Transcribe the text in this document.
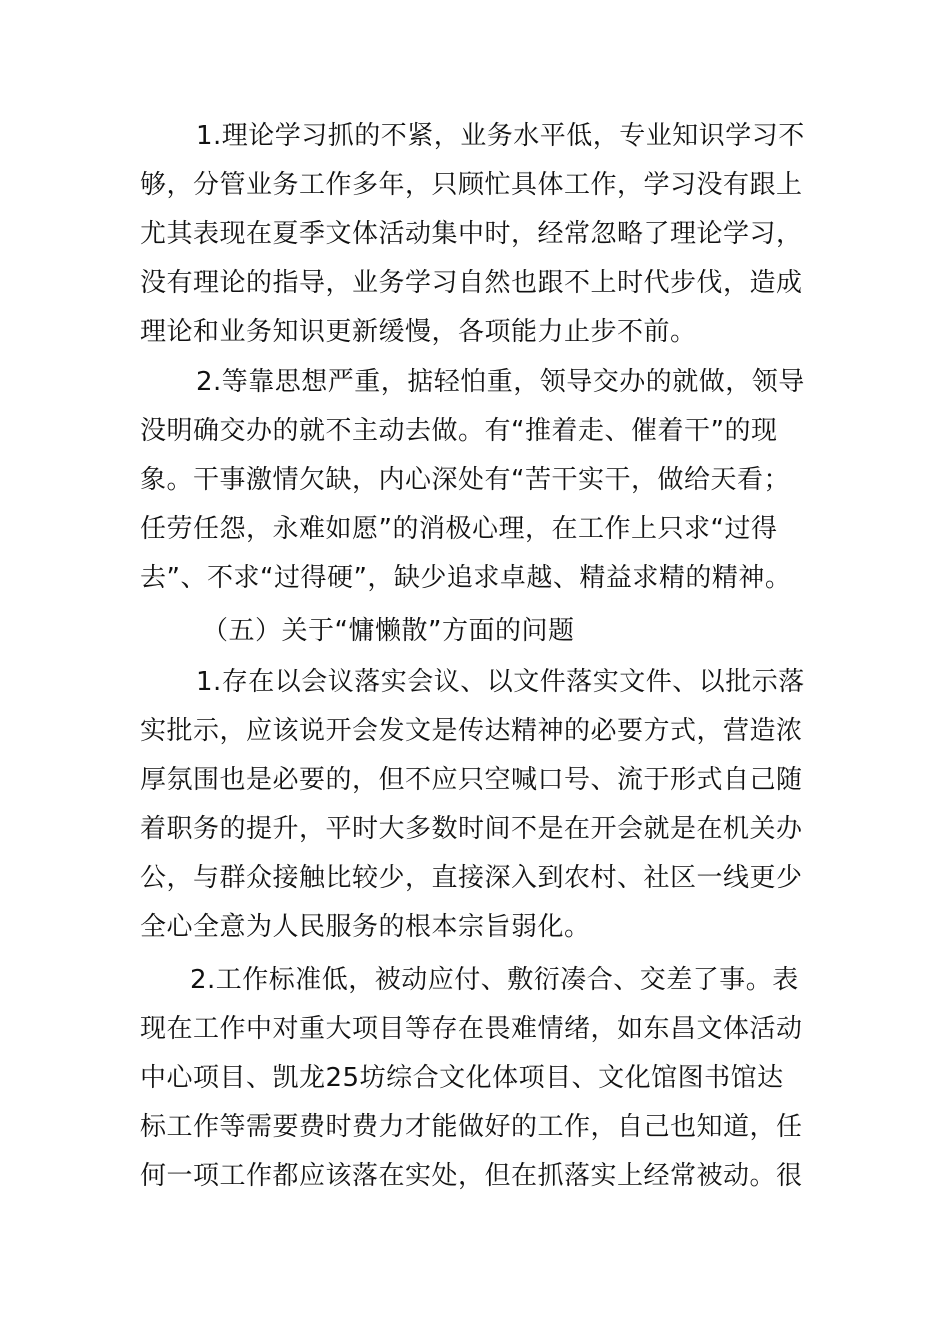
1.理论学习抓的不紧，业务水平低，专业知识学习不
够，分管业务工作多年，只顾忙具体工作，学习没有跟上
尤其表现在夏季文体活动集中时，经常忽略了理论学习，
没有理论的指导，业务学习自然也跟不上时代步伐，造成
理论和业务知识更新缓慢，各项能力止步不前。
2.等靠思想严重，掂轻怕重，领导交办的就做，领导
没明确交办的就不主动去做。有“推着走、催着干”的现
象。干事激情欠缺，内心深处有“苦干实干，做给天看；
任劳任怨，永难如愿”的消极心理，在工作上只求“过得
去”、不求“过得硬”，缺少追求卓越、精益求精的精神。
（五）关于“慵懒散”方面的问题
1.存在以会议落实会议、以文件落实文件、以批示落
实批示，应该说开会发文是传达精神的必要方式，营造浓
厚氛围也是必要的，但不应只空喊口号、流于形式自己随
着职务的提升，平时大多数时间不是在开会就是在机关办
公，与群众接触比较少，直接深入到农村、社区一线更少
全心全意为人民服务的根本宗旨弱化。
2.工作标准低，被动应付、敷衍凑合、交差了事。表
现在工作中对重大项目等存在畏难情绪，如东昌文体活动
中心项目、凯龙25坊综合文化体项目、文化馆图书馆达
标工作等需要费时费力才能做好的工作，自己也知道，任
何一项工作都应该落在实处，但在抓落实上经常被动。很
